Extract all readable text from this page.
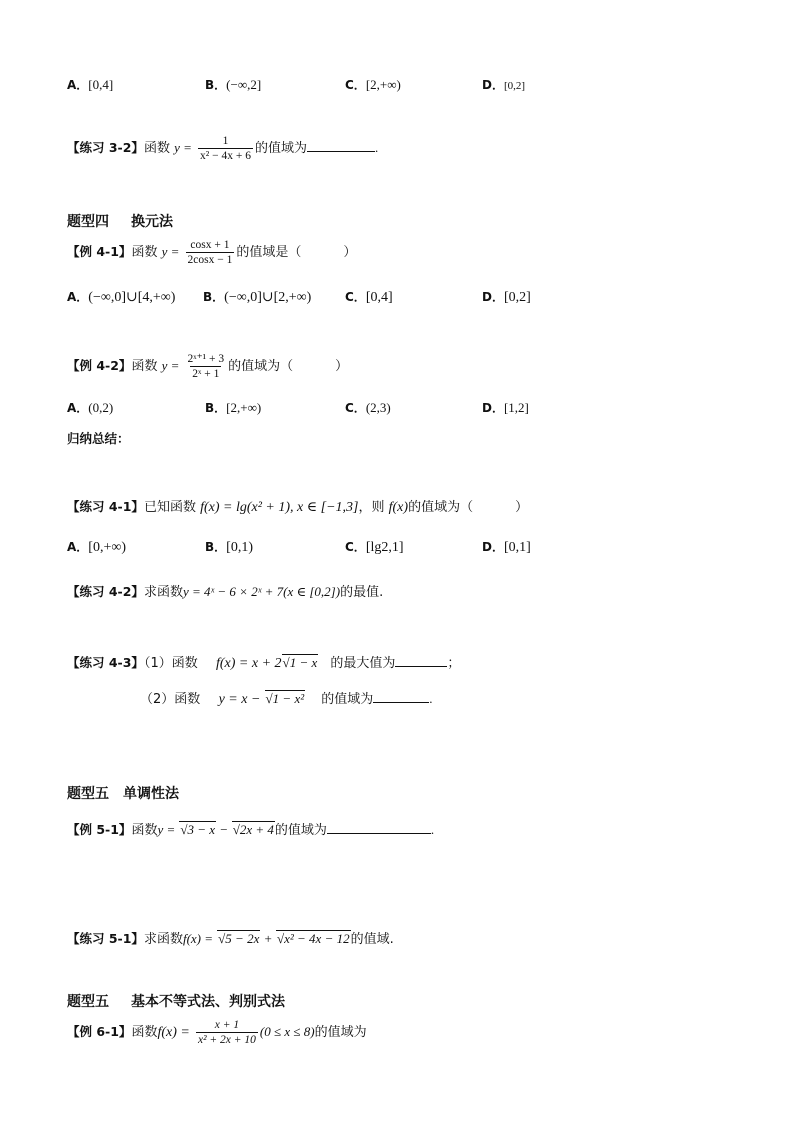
A．[0,4]	B．(−∞,2]	C．[2,+∞)	D．[0,2]
【练习 3-2】函数 $y = \frac{1}{\text{x² − 4x + 6}}$ 的值域为	.
题型四 换元法
【例 4-1】函数 $y = \frac{\cos x + 1}{2\cos x - 1}$ 的值域是（	）
A．(−∞,0]∪[4,+∞) B．(−∞,0]∪[2,+∞)	C．[0,4]	D．[0,2]
【例 4-2】函数 $y = \frac{\text{2ˣ⁺¹ + 3}}{\text{2ˣ + 1}}$ 的值域为（	）
A．(0,2)	B．[2,+∞)	C．(2,3)	D．[1,2]
归纳总结：
【练习 4-1】已知函数 f(x) = lg(x² + 1), x ∈ [−1,3]，则 f(x)的值域为（	）
A．[0,+∞)	B．[0,1)	C．[lg2,1]	D．[0,1]
【练习 4-2】求函数y = 4ˣ − 6 × 2ˣ + 7(x ∈ [0,2])的最值.
【练习 4-3】（1）函数 f(x) = x + 2√1 − x 的最大值为	；
（2）函数 y = x − √1 − x² 的值域为	.
题型五 单调性法
【例 5-1】函数y = √3 − x − √2x + 4的值域为	.
【练习 5-1】求函数f(x) = √5 − 2x + √x² − 4x − 12的值域.
题型五 基本不等式法、判别式法
【例 6-1】函数$f(x) = \frac{x + 1}{\text{x² + 2x + 10}} (0 \le x \le 8)$的值域为
